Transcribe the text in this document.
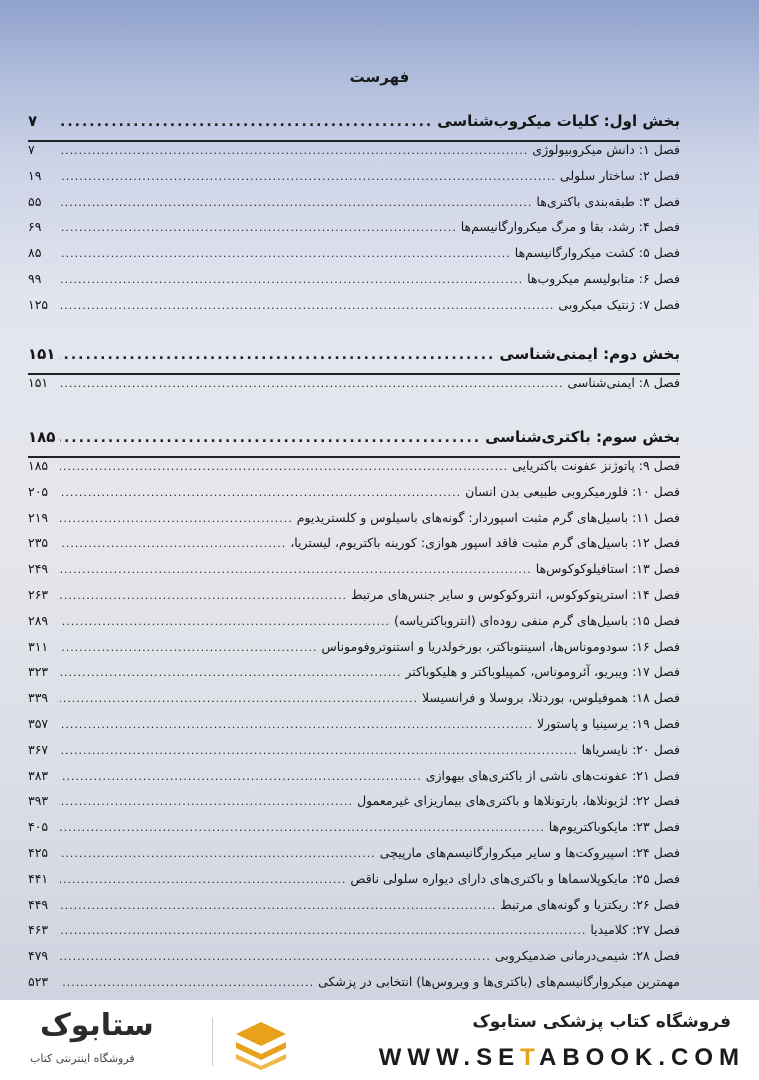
فهرست
بخش اول: کلیات میکروب‌شناسی
.....
۷
فصل ۱: دانش میکروبیولوژی
.....
۷
فصل ۲: ساختار سلولی
.....
۱۹
فصل ۳: طبقه‌بندی باکتری‌ها
.....
۵۵
فصل ۴: رشد، بقا و مرگ میکروارگانیسم‌ها
.....
۶۹
فصل ۵: کشت میکروارگانیسم‌ها
.....
۸۵
فصل ۶: متابولیسم میکروب‌ها
.....
۹۹
فصل ۷: ژنتیک میکروبی
.....
۱۲۵
بخش دوم: ایمنی‌شناسی
.....
۱۵۱
فصل ۸: ایمنی‌شناسی
.....
۱۵۱
بخش سوم: باکتری‌شناسی
.....
۱۸۵
فصل ۹: پاتوژنز عفونت باکتریایی
.....
۱۸۵
فصل ۱۰: فلورمیکروبی طبیعی بدن انسان
.....
۲۰۵
فصل ۱۱: باسیل‌های گرم مثبت اسپوردار: گونه‌های باسیلوس و کلستریدیوم
.....
۲۱۹
فصل ۱۲: باسیل‌های گرم مثبت فاقد اسپور هوازی: کورینه باکتریوم، لیستریا،
.....
۲۳۵
فصل ۱۳: استافیلوکوکوس‌ها
.....
۲۴۹
فصل ۱۴: استرپتوکوکوس، انتروکوکوس و سایر جنس‌های مرتبط
.....
۲۶۳
فصل ۱۵: باسیل‌های گرم منفی روده‌ای (انتروباکتریاسه)
.....
۲۸۹
فصل ۱۶: سودوموناس‌ها، اسینتوباکتر، بورخولدریا و استنوتروفوموناس
.....
۳۱۱
فصل ۱۷: ویبریو، آئروموناس، کمپیلوباکتر و هلیکوباکتر
.....
۳۲۳
فصل ۱۸: هموفیلوس، بوردتلا، بروسلا و فرانسیسلا
.....
۳۳۹
فصل ۱۹: یرسینیا و پاستورلا
.....
۳۵۷
فصل ۲۰: نایسریاها
.....
۳۶۷
فصل ۲۱: عفونت‌های ناشی از باکتری‌های بیهوازی
.....
۳۸۳
فصل ۲۲: لژیونلاها، بارتونلاها و باکتری‌های بیماریزای غیرمعمول
.....
۳۹۳
فصل ۲۳: مایکوباکتریوم‌ها
.....
۴۰۵
فصل ۲۴: اسپیروکت‌ها و سایر میکروارگانیسم‌های مارپیچی
.....
۴۲۵
فصل ۲۵: مایکوپلاسماها و باکتری‌های دارای دیواره سلولی ناقص
.....
۴۴۱
فصل ۲۶: ریکتزیا و گونه‌های مرتبط
.....
۴۴۹
فصل ۲۷: کلامیدیا
.....
۴۶۳
فصل ۲۸: شیمی‌درمانی ضدمیکروبی
.....
۴۷۹
مهمترین میکروارگانیسم‌های (باکتری‌ها و ویروس‌ها) انتخابی در پزشکی
.....
۵۲۳
فروشگاه کتاب پزشکی ستابوک
WWW.SETABOOK.COM
ستابوک
فروشگاه اینترنتی کتاب
